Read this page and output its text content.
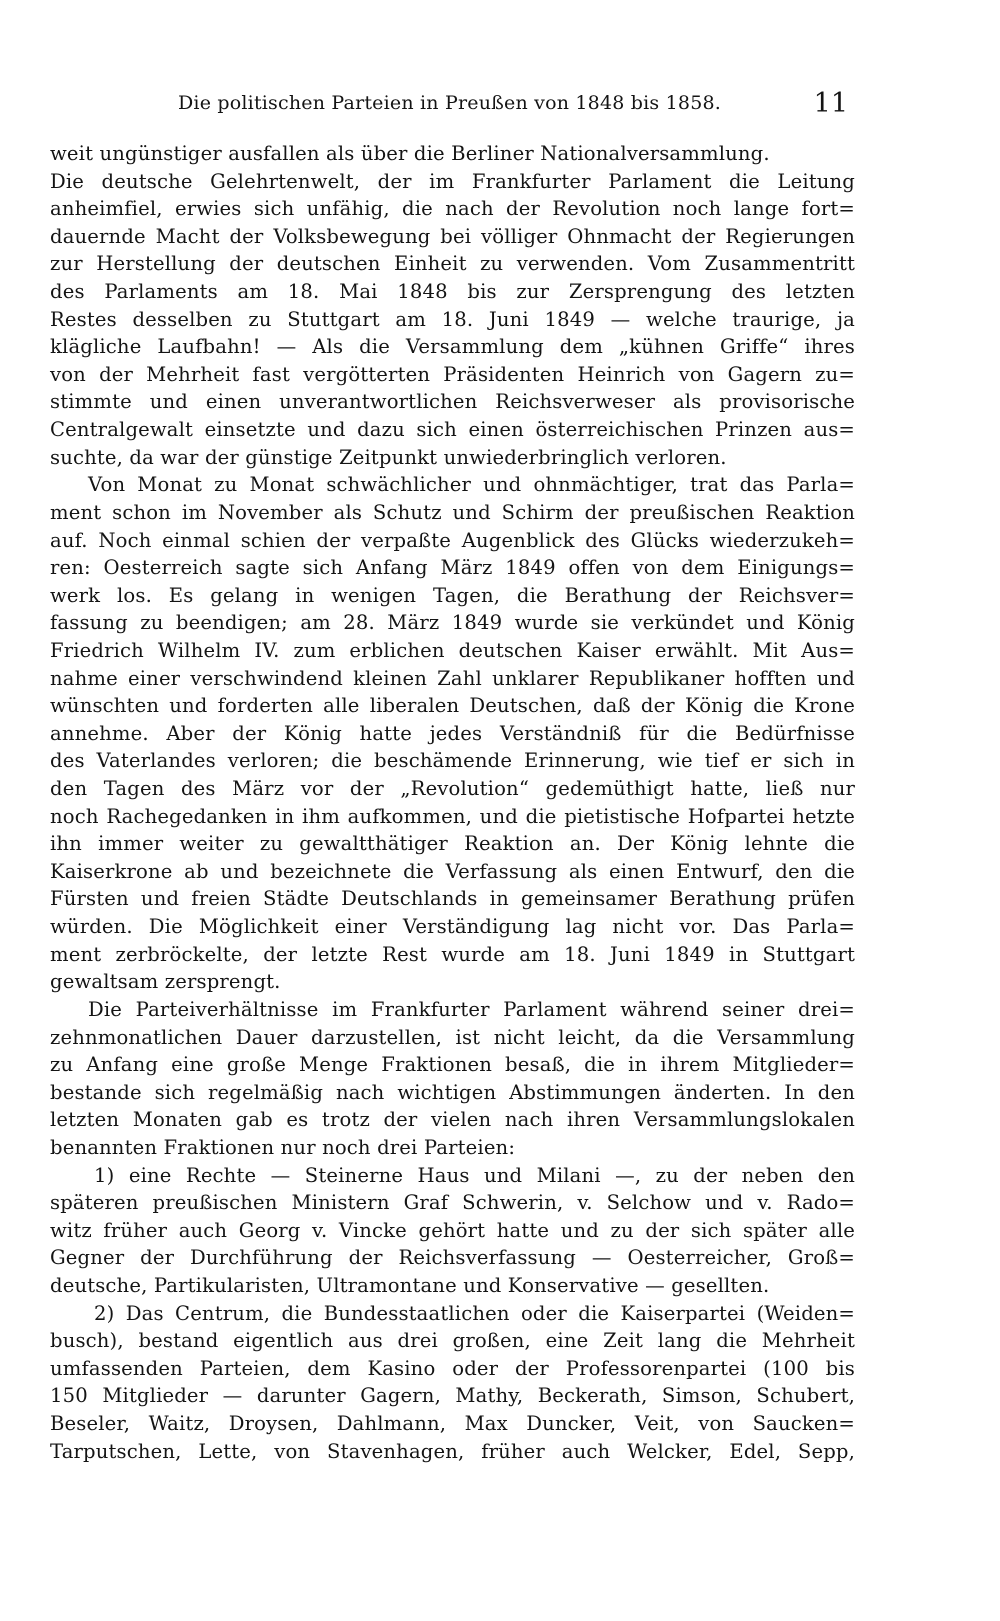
Die politischen Parteien in Preußen von 1848 bis 1858.	11
weit ungünstiger ausfallen als über die Berliner Nationalversammlung.
Die deutsche Gelehrtenwelt, der im Frankfurter Parlament die Leitung
anheimfiel, erwies sich unfähig, die nach der Revolution noch lange fort=
dauernde Macht der Volksbewegung bei völliger Ohnmacht der Regierungen
zur Herstellung der deutschen Einheit zu verwenden. Vom Zusammentritt
des Parlaments am 18. Mai 1848 bis zur Zersprengung des letzten
Restes desselben zu Stuttgart am 18. Juni 1849 — welche traurige, ja
klägliche Laufbahn! — Als die Versammlung dem „kühnen Griffe“ ihres
von der Mehrheit fast vergötterten Präsidenten Heinrich von Gagern zu=
stimmte und einen unverantwortlichen Reichsverweser als provisorische
Centralgewalt einsetzte und dazu sich einen österreichischen Prinzen aus=
suchte, da war der günstige Zeitpunkt unwiederbringlich verloren.
Von Monat zu Monat schwächlicher und ohnmächtiger, trat das Parla=
ment schon im November als Schutz und Schirm der preußischen Reaktion
auf. Noch einmal schien der verpaßte Augenblick des Glücks wiederzukeh=
ren: Oesterreich sagte sich Anfang März 1849 offen von dem Einigungs=
werk los. Es gelang in wenigen Tagen, die Berathung der Reichsver=
fassung zu beendigen; am 28. März 1849 wurde sie verkündet und König
Friedrich Wilhelm IV. zum erblichen deutschen Kaiser erwählt. Mit Aus=
nahme einer verschwindend kleinen Zahl unklarer Republikaner hofften und
wünschten und forderten alle liberalen Deutschen, daß der König die Krone
annehme. Aber der König hatte jedes Verständniß für die Bedürfnisse
des Vaterlandes verloren; die beschämende Erinnerung, wie tief er sich in
den Tagen des März vor der „Revolution“ gedemüthigt hatte, ließ nur
noch Rachegedanken in ihm aufkommen, und die pietistische Hofpartei hetzte
ihn immer weiter zu gewaltthätiger Reaktion an. Der König lehnte die
Kaiserkrone ab und bezeichnete die Verfassung als einen Entwurf, den die
Fürsten und freien Städte Deutschlands in gemeinsamer Berathung prüfen
würden. Die Möglichkeit einer Verständigung lag nicht vor. Das Parla=
ment zerbröckelte, der letzte Rest wurde am 18. Juni 1849 in Stuttgart
gewaltsam zersprengt.
Die Parteiverhältnisse im Frankfurter Parlament während seiner drei=
zehnmonatlichen Dauer darzustellen, ist nicht leicht, da die Versammlung
zu Anfang eine große Menge Fraktionen besaß, die in ihrem Mitglieder=
bestande sich regelmäßig nach wichtigen Abstimmungen änderten. In den
letzten Monaten gab es trotz der vielen nach ihren Versammlungslokalen
benannten Fraktionen nur noch drei Parteien:
1) eine Rechte — Steinerne Haus und Milani —, zu der neben den
späteren preußischen Ministern Graf Schwerin, v. Selchow und v. Rado=
witz früher auch Georg v. Vincke gehört hatte und zu der sich später alle
Gegner der Durchführung der Reichsverfassung — Oesterreicher, Groß=
deutsche, Partikularisten, Ultramontane und Konservative — gesellten.
2) Das Centrum, die Bundesstaatlichen oder die Kaiserpartei (Weiden=
busch), bestand eigentlich aus drei großen, eine Zeit lang die Mehrheit
umfassenden Parteien, dem Kasino oder der Professorenpartei (100 bis
150 Mitglieder — darunter Gagern, Mathy, Beckerath, Simson, Schubert,
Beseler, Waitz, Droysen, Dahlmann, Max Duncker, Veit, von Saucken=
Tarputschen, Lette, von Stavenhagen, früher auch Welcker, Edel, Sepp,
